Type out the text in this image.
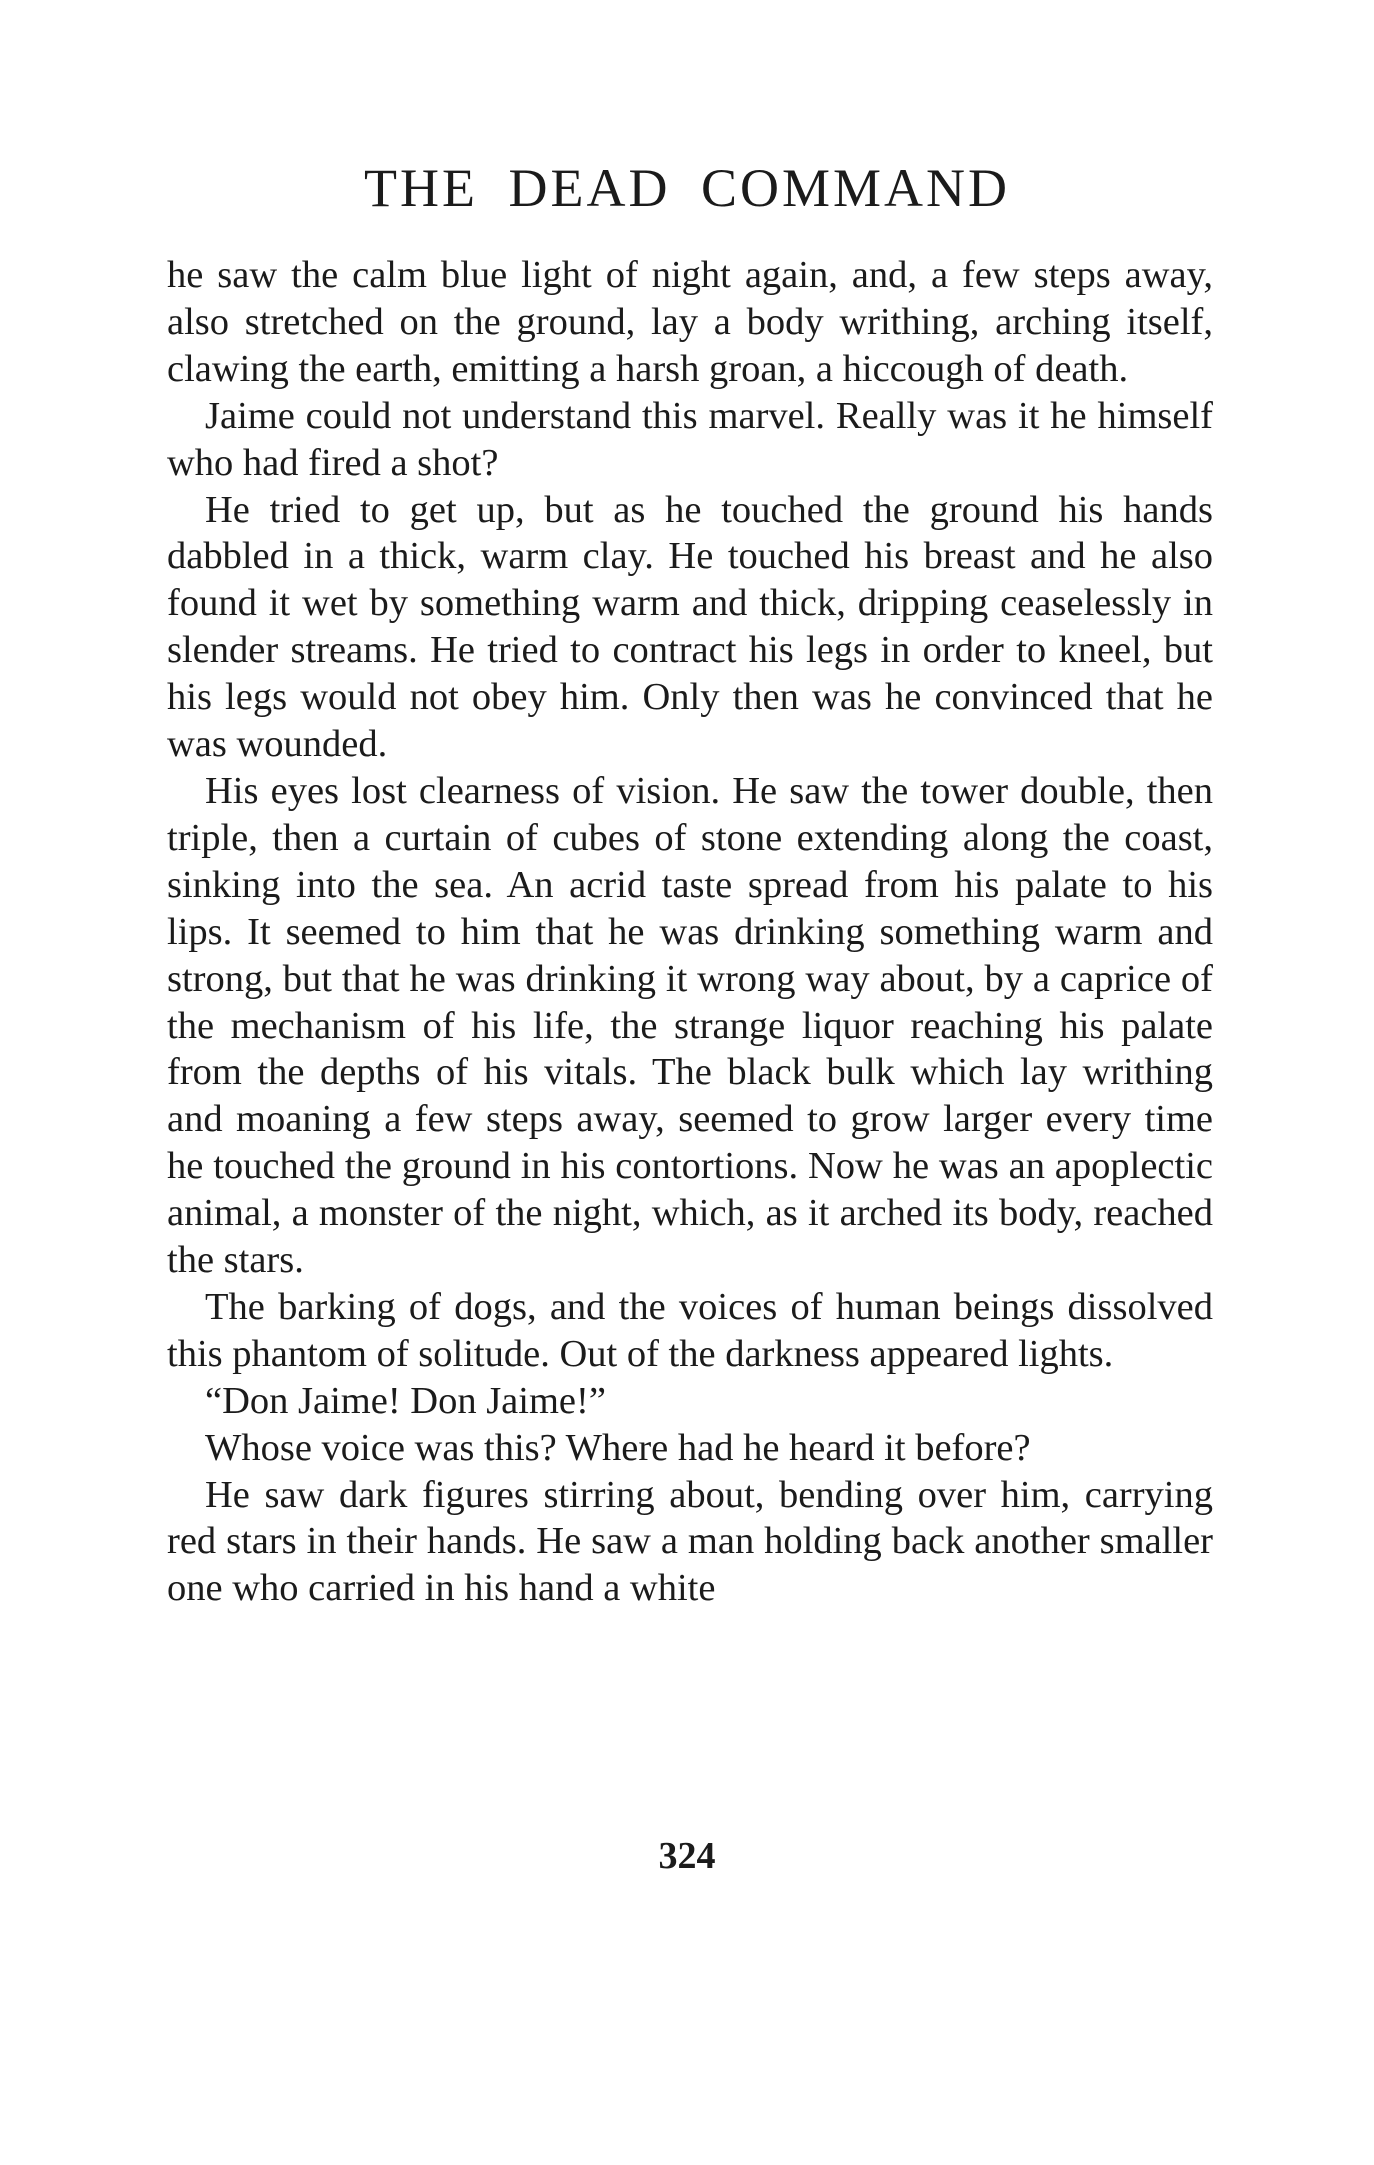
THE DEAD COMMAND

he saw the calm blue light of night again, and, a few steps away, also stretched on the ground, lay a body writhing, arching itself, clawing the earth, emitting a harsh groan, a hiccough of death.

Jaime could not understand this marvel. Really was it he himself who had fired a shot?

He tried to get up, but as he touched the ground his hands dabbled in a thick, warm clay. He touched his breast and he also found it wet by something warm and thick, dripping ceaselessly in slender streams. He tried to contract his legs in order to kneel, but his legs would not obey him. Only then was he convinced that he was wounded.

His eyes lost clearness of vision. He saw the tower double, then triple, then a curtain of cubes of stone extending along the coast, sinking into the sea. An acrid taste spread from his palate to his lips. It seemed to him that he was drinking something warm and strong, but that he was drinking it wrong way about, by a caprice of the mechanism of his life, the strange liquor reaching his palate from the depths of his vitals. The black bulk which lay writhing and moaning a few steps away, seemed to grow larger every time he touched the ground in his contortions. Now he was an apoplectic animal, a monster of the night, which, as it arched its body, reached the stars.

The barking of dogs, and the voices of human beings dissolved this phantom of solitude. Out of the darkness appeared lights.

“Don Jaime! Don Jaime!”

Whose voice was this? Where had he heard it before?

He saw dark figures stirring about, bending over him, carrying red stars in their hands. He saw a man holding back another smaller one who carried in his hand a white

324
